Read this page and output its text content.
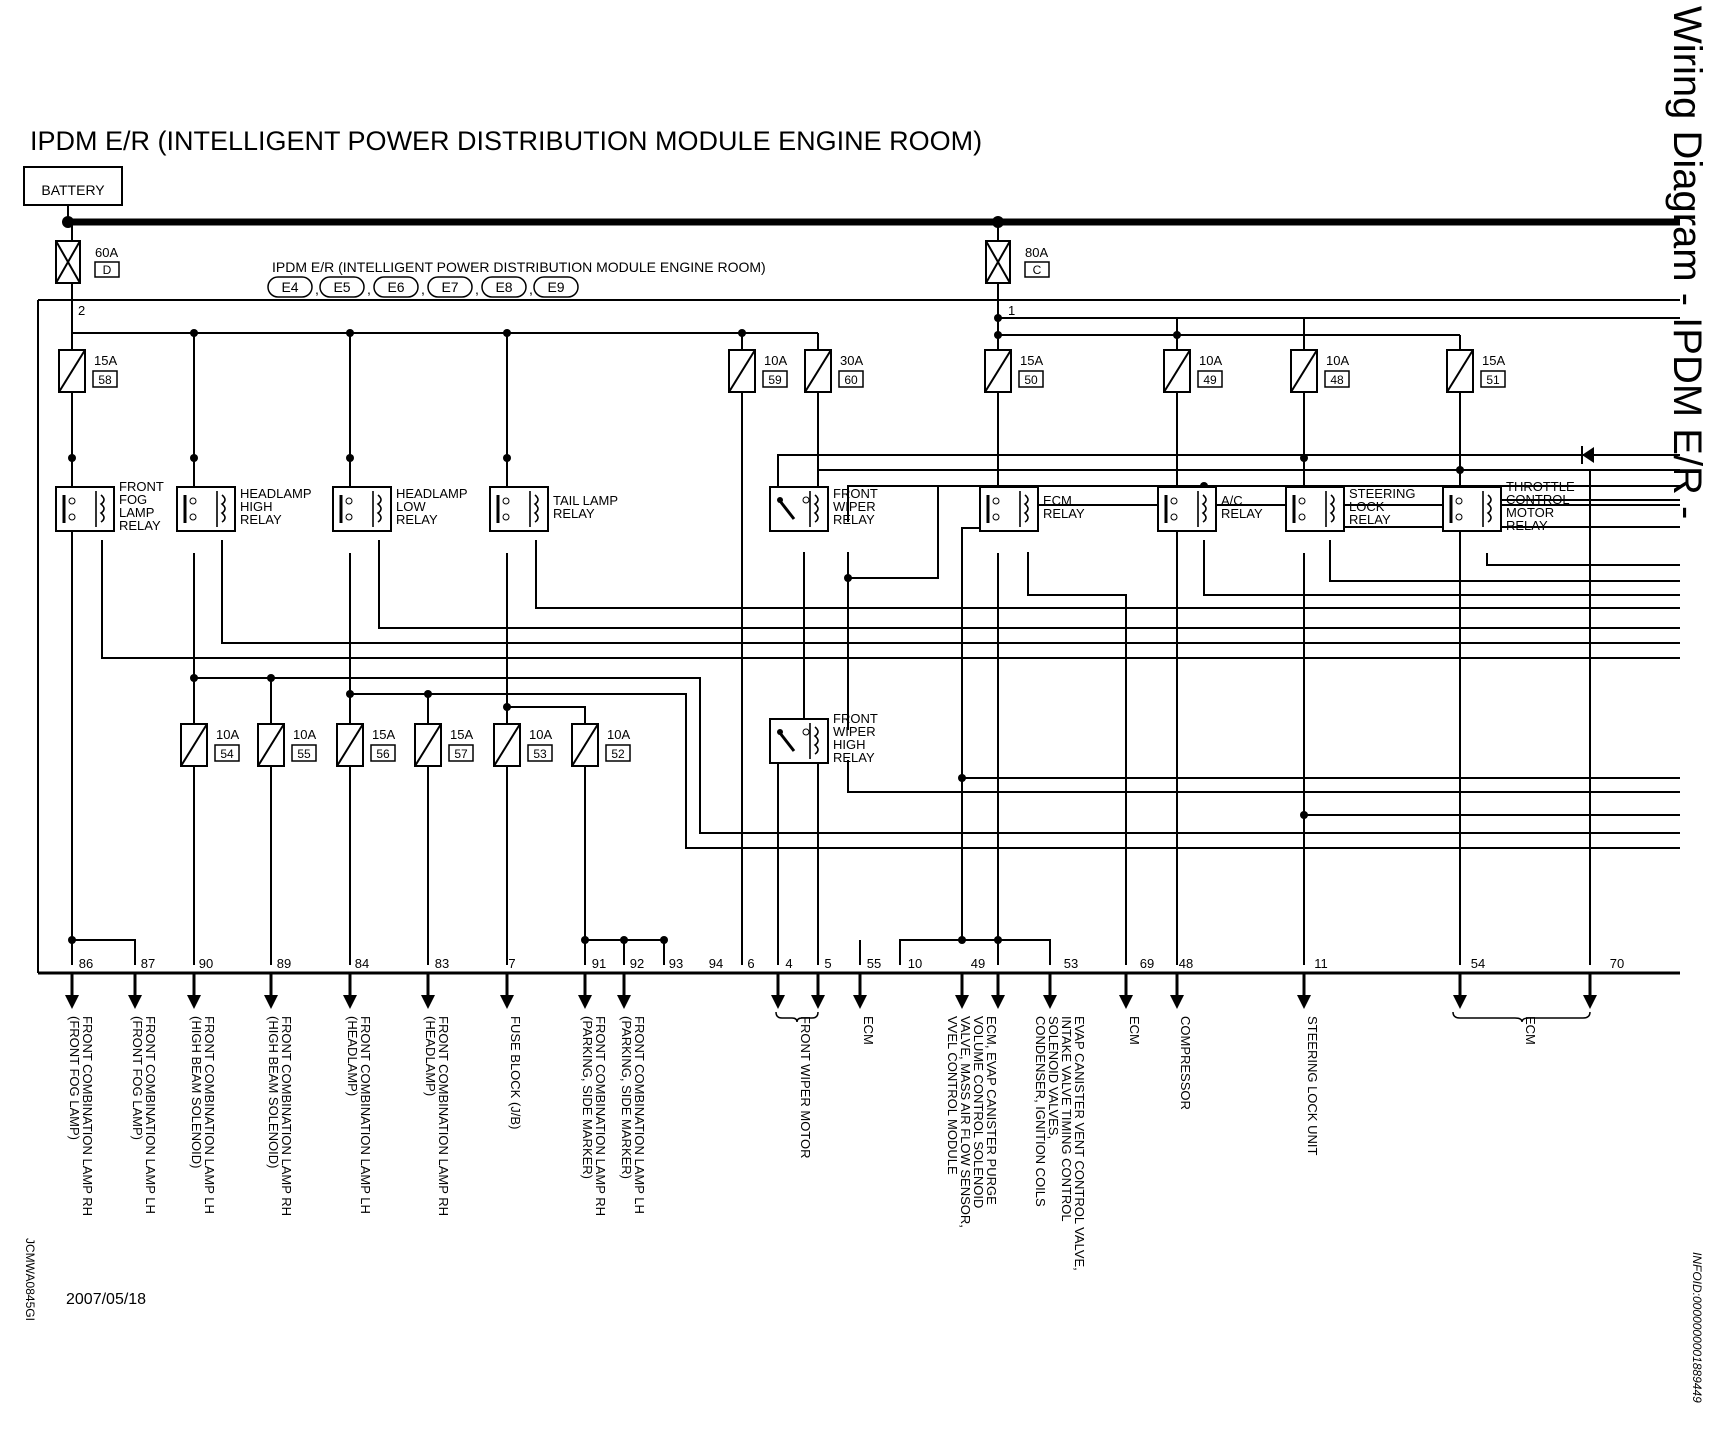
IPDM E/R (INTELLIGENT POWER DISTRIBUTION MODULE ENGINE ROOM)	Wiring Diagram - IPDM E/R -
BATTERY
IPDM E/R (INTELLIGENT POWER DISTRIBUTION MODULE ENGINE ROOM)
E4 , E5 , E6 , E7 , E8 , E9
60A
D
2
80A
C
1
15A
58
10A
59
30A
60
15A
50
10A
49
10A
48
15A
51
10A
54
10A
55
15A
56
15A
57
10A
53
10A
52
FRONT
FOG
LAMP
RELAY
HEADLAMP
HIGH
RELAY
HEADLAMP
LOW
RELAY
TAIL LAMP
RELAY
FRONT
WIPER
RELAY
ECM
RELAY
A/C
RELAY
STEERING
LOCK
RELAY
THROTTLE
CONTROL
MOTOR
RELAY
FRONT
WIPER
HIGH
RELAY
86	87	90	89	84	83	7	91 92 93 94 6 4 5	55 10	49	53	69 48	11	54	70
FRONT COMBINATION LAMP RH
(FRONT FOG LAMP)	FRONT COMBINATION LAMP LH
(FRONT FOG LAMP)	FRONT COMBINATION LAMP LH
(HIGH BEAM SOLENOID)	FRONT COMBINATION LAMP RH
(HIGH BEAM SOLENOID)	FRONT COMBINATION LAMP LH
(HEADLAMP)	FRONT COMBINATION LAMP RH
(HEADLAMP)	FUSE BLOCK (J/B)	FRONT COMBINATION LAMP RH
(PARKING, SIDE MARKER)	FRONT COMBINATION LAMP LH
(PARKING, SIDE MARKER)	FRONT WIPER MOTOR	ECM	ECM, EVAP CANISTER PURGE
VOLUME CONTROL SOLENOID
VALVE, MASS AIR FLOW SENSOR,
VVEL CONTROL MODULE	EVAP CANISTER VENT CONTROL VALVE,
INTAKE VALVE TIMING CONTROL
SOLENOID VALVES,
CONDENSER, IGNITION COILS	ECM	COMPRESSOR	STEERING LOCK UNIT	ECM
JCMWA0845GI 2007/05/18	INFOID:0000000001889449
